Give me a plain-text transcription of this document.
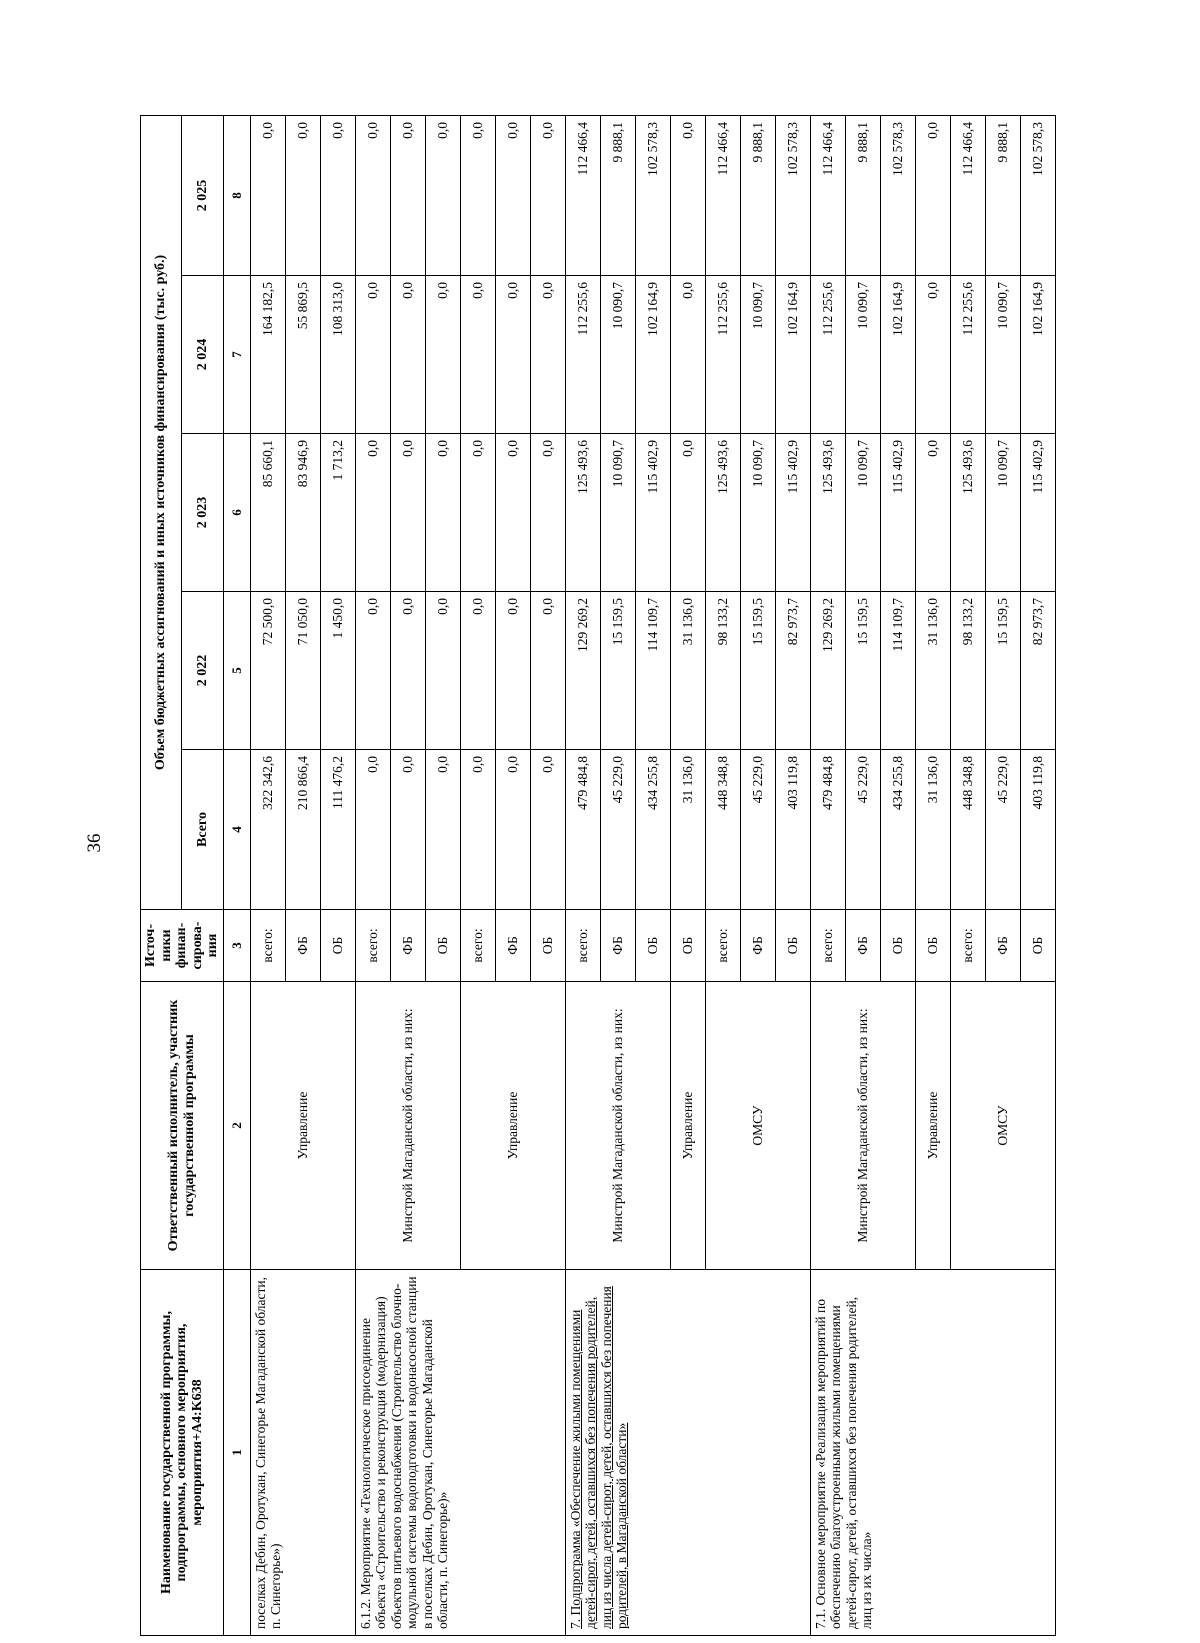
36
Наименование государственной программы, подпрограммы, основного мероприятия, мероприятия+A4:K638	Ответственный исполнитель, участник государственной программы	Источ-ники финан-сирова-ния	Объем бюджетных ассигнований и иных источников финансирования (тыс. руб.)				
			Всего	2 022	2 023	2 024	2 025
1	2	3	4	5	6	7	8
поселках Дебин, Оротукан, Синегорье Магаданской области, п. Синегорье»)	Управление	всего:	322 342,6	72 500,0	85 660,1	164 182,5	0,0
		ФБ	210 866,4	71 050,0	83 946,9	55 869,5	0,0
		ОБ	111 476,2	1 450,0	1 713,2	108 313,0	0,0
6.1.2. Мероприятие «Технологическое присоединение объекта «Строительство и реконструкция (модернизация) объектов питьевого водоснабжения (Строительство блочно-модульной системы водоподготовки и водонасосной станции в поселках Дебин, Оротукан, Синегорье Магаданской области, п. Синегорье)»	Минстрой Магаданской области, из них:	всего:	0,0	0,0	0,0	0,0	0,0
		ФБ	0,0	0,0	0,0	0,0	0,0
		ОБ	0,0	0,0	0,0	0,0	0,0
	Управление	всего:	0,0	0,0	0,0	0,0	0,0
		ФБ	0,0	0,0	0,0	0,0	0,0
		ОБ	0,0	0,0	0,0	0,0	0,0
7. Подпрограмма «Обеспечение жилыми помещениями детей-сирот, детей, оставшихся без попечения родителей, лиц из числа детей-сирот, детей, оставшихся без попечения родителей, в Магаданской области»	Минстрой Магаданской области, из них:	всего:	479 484,8	129 269,2	125 493,6	112 255,6	112 466,4
		ФБ	45 229,0	15 159,5	10 090,7	10 090,7	9 888,1
		ОБ	434 255,8	114 109,7	115 402,9	102 164,9	102 578,3
	Управление	ОБ	31 136,0	31 136,0	0,0	0,0	0,0
	ОМСУ	всего:	448 348,8	98 133,2	125 493,6	112 255,6	112 466,4
		ФБ	45 229,0	15 159,5	10 090,7	10 090,7	9 888,1
		ОБ	403 119,8	82 973,7	115 402,9	102 164,9	102 578,3
7.1. Основное мероприятие «Реализация мероприятий по обеспечению благоустроенными жилыми помещениями детей-сирот, детей, оставшихся без попечения родителей, лиц из их числа»	Минстрой Магаданской области, из них:	всего:	479 484,8	129 269,2	125 493,6	112 255,6	112 466,4
		ФБ	45 229,0	15 159,5	10 090,7	10 090,7	9 888,1
		ОБ	434 255,8	114 109,7	115 402,9	102 164,9	102 578,3
	Управление	ОБ	31 136,0	31 136,0	0,0	0,0	0,0
	ОМСУ	всего:	448 348,8	98 133,2	125 493,6	112 255,6	112 466,4
		ФБ	45 229,0	15 159,5	10 090,7	10 090,7	9 888,1
		ОБ	403 119,8	82 973,7	115 402,9	102 164,9	102 578,3
